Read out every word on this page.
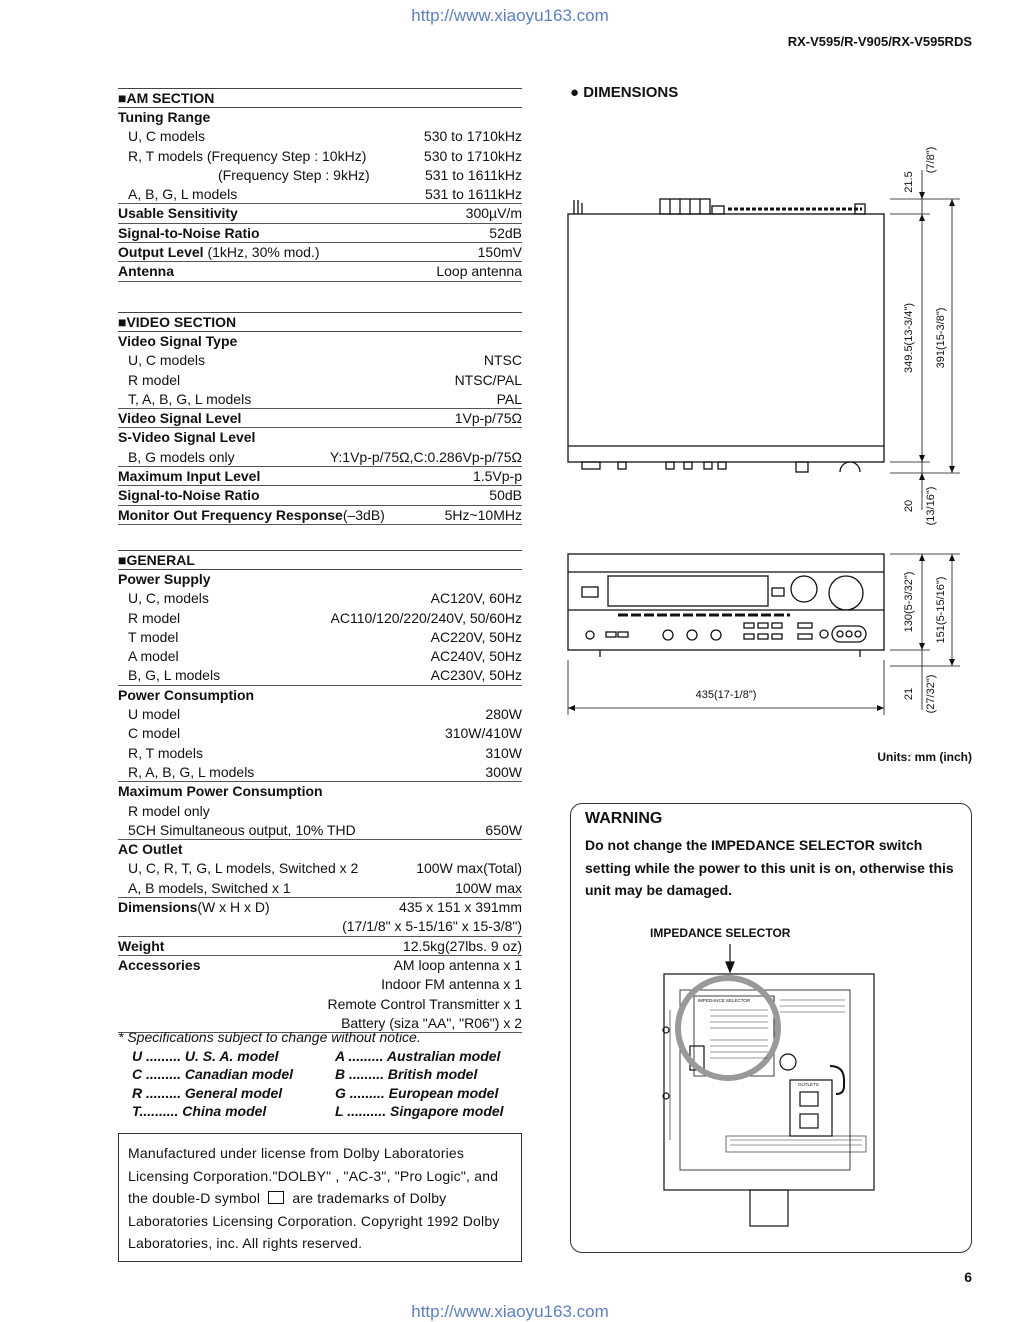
http://www.xiaoyu163.com
RX-V595/R-V905/RX-V595RDS
■AM SECTION
Tuning Range
U, C models	530 to 1710kHz
R, T models (Frequency Step : 10kHz)	530 to 1710kHz
(Frequency Step : 9kHz)	531 to 1611kHz
A, B, G, L models	531 to 1611kHz
Usable Sensitivity	300µV/m
Signal-to-Noise Ratio	52dB
Output Level (1kHz, 30% mod.)	150mV
Antenna	Loop antenna
■VIDEO SECTION
Video Signal Type
U, C models	NTSC
R model	NTSC/PAL
T, A, B, G, L models	PAL
Video Signal Level	1Vp-p/75Ω
S-Video Signal Level
B, G models only	Y:1Vp-p/75Ω,C:0.286Vp-p/75Ω
Maximum Input Level	1.5Vp-p
Signal-to-Noise Ratio	50dB
Monitor Out Frequency Response(–3dB)	5Hz~10MHz
■GENERAL
Power Supply
U, C, models	AC120V, 60Hz
R model	AC110/120/220/240V, 50/60Hz
T model	AC220V, 50Hz
A model	AC240V, 50Hz
B, G, L models	AC230V, 50Hz
Power Consumption
U model	280W
C model	310W/410W
R, T models	310W
R, A, B, G, L models	300W
Maximum Power Consumption
R model only
5CH Simultaneous output, 10% THD	650W
AC Outlet
U, C, R, T, G, L models, Switched x 2	100W max(Total)
A, B models, Switched x 1	100W max
Dimensions(W x H x D)	435 x 151 x 391mm
(17/1/8" x 5-15/16" x 15-3/8")
Weight	12.5kg(27lbs. 9 oz)
Accessories	AM loop antenna x 1
Indoor FM antenna x 1
Remote Control Transmitter x 1
Battery (siza "AA", "R06") x 2
* Specifications subject to change without notice.
U ......... U. S. A. model	A ......... Australian model
C ......... Canadian model	B ......... British model
R ......... General model	G ......... European model
T.......... China model	L .......... Singapore model
Manufactured under license from Dolby Laboratories Licensing Corporation."DOLBY" , "AC-3", "Pro Logic", and the double-D symbol  are trademarks of Dolby Laboratories Licensing Corporation. Copyright 1992 Dolby Laboratories, inc. All rights reserved.
● DIMENSIONS
21.5
(7/8")
349.5(13-3/4") 391(15-3/8")
20 (13/16")
130(5-3/32") 151(5-15/16")
21 (27/32")
435(17-1/8")
Units: mm (inch)
WARNING
Do not change the IMPEDANCE SELECTOR switch setting while the power to this unit is on, otherwise this unit may be damaged.
IMPEDANCE SELECTOR
IMPEDANCE SELECTOR
OUTLETS
6
http://www.xiaoyu163.com
